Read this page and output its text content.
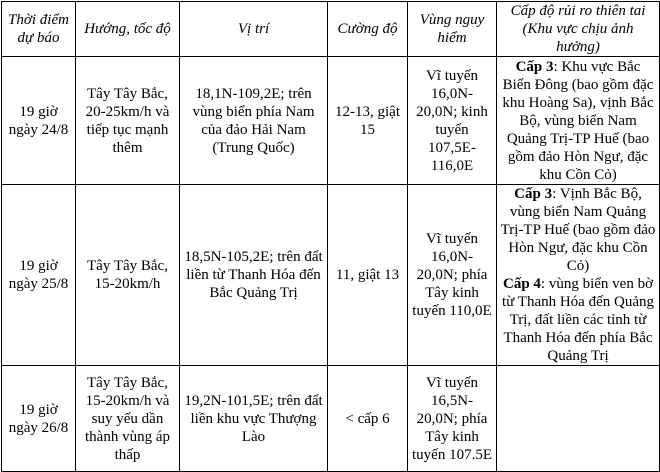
Thời điểm dự báo	Hướng, tốc độ	Vị trí	Cường độ	Vùng nguy hiểm	Cấp độ rủi ro thiên tai (Khu vực chịu ảnh hưởng)
19 giờ ngày 24/8	Tây Tây Bắc, 20-25km/h và tiếp tục mạnh thêm	18,1N-109,2E; trên vùng biển phía Nam của đảo Hải Nam (Trung Quốc)	12-13, giật 15	Vĩ tuyến 16,0N-20,0N; kinh tuyến 107,5E-116,0E	Cấp 3: Khu vực Bắc Biển Đông (bao gồm đặc khu Hoàng Sa), vịnh Bắc Bộ, vùng biển Nam Quảng Trị-TP Huế (bao gồm đảo Hòn Ngư, đặc khu Cồn Cỏ)

19 giờ ngày 25/8	Tây Tây Bắc, 15-20km/h	18,5N-105,2E; trên đất liền từ Thanh Hóa đến Bắc Quảng Trị	11, giật 13	Vĩ tuyến 16,0N-20,0N; phía Tây kinh tuyến 110,0E	Cấp 3: Vịnh Bắc Bộ, vùng biển Nam Quảng Trị-TP Huế (bao gồm đảo Hòn Ngư, đặc khu Cồn Cỏ)
Cấp 4: vùng biển ven bờ từ Thanh Hóa đến Quảng Trị, đất liền các tỉnh từ Thanh Hóa đến phía Bắc Quảng Trị

19 giờ ngày 26/8	Tây Tây Bắc, 15-20km/h và suy yếu dần thành vùng áp thấp	19,2N-101,5E; trên đất liền khu vực Thượng Lào	< cấp 6	Vĩ tuyến 16,5N-20,0N; phía Tây kinh tuyến 107.5E	
